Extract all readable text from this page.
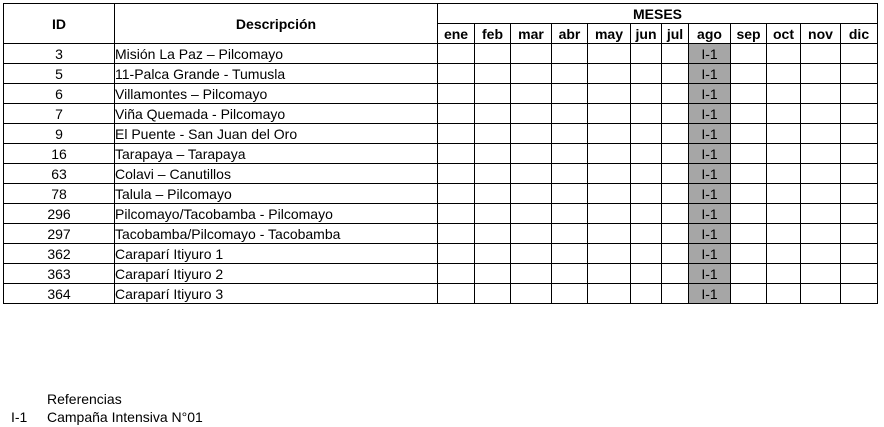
ID	Descripción	MESES											
		ene	feb	mar	abr	may	jun	jul	ago	sep	oct	nov	dic
3	Misión La Paz – Pilcomayo								I-1				
5	11-Palca Grande - Tumusla								I-1				
6	Villamontes – Pilcomayo								I-1				
7	Viña Quemada - Pilcomayo								I-1				
9	El Puente - San Juan del Oro								I-1				
16	Tarapaya – Tarapaya								I-1				
63	Colavi – Canutillos								I-1				
78	Talula – Pilcomayo								I-1				
296	Pilcomayo/Tacobamba - Pilcomayo								I-1				
297	Tacobamba/Pilcomayo - Tacobamba								I-1				
362	Caraparí Itiyuro 1								I-1				
363	Caraparí Itiyuro 2								I-1				
364	Caraparí Itiyuro 3								I-1				
Referencias
I-1 Campaña Intensiva N°01
